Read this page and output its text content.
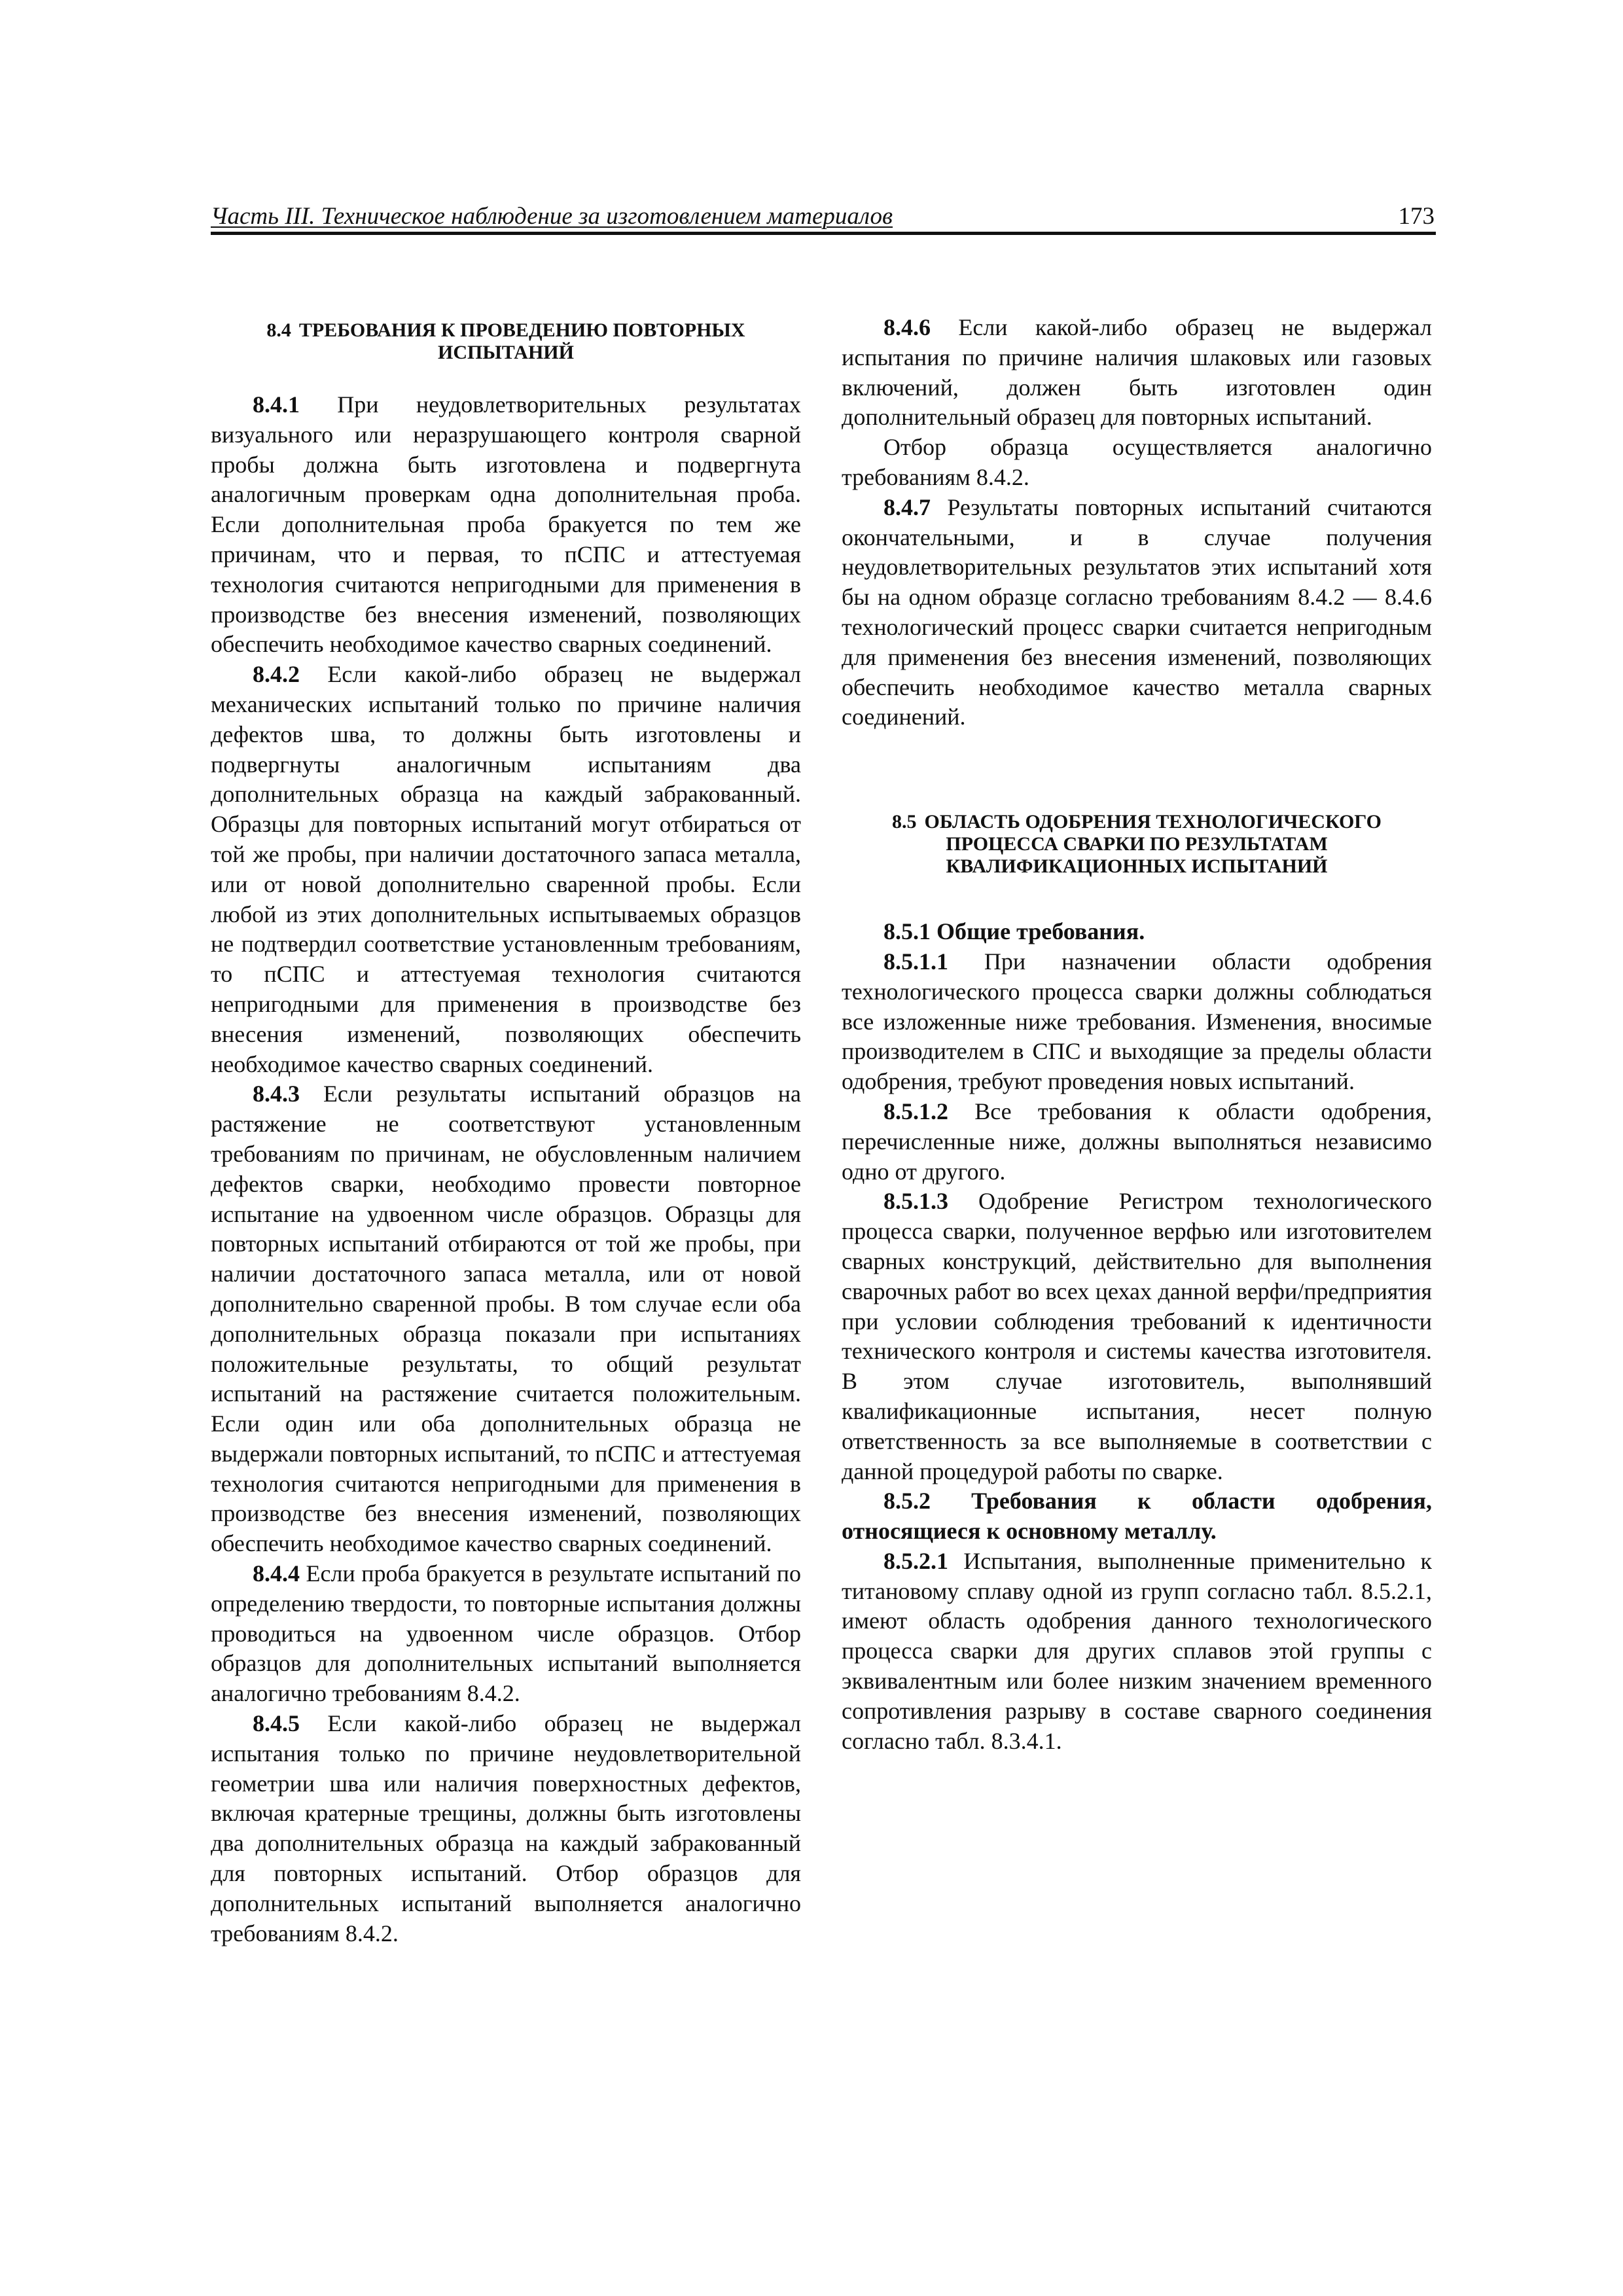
Часть III. Техническое наблюдение за изготовлением материалов	173
8.4 ТРЕБОВАНИЯ К ПРОВЕДЕНИЮ ПОВТОРНЫХ ИСПЫТАНИЙ

8.4.1 При неудовлетворительных результатах визуального или неразрушающего контроля сварной пробы должна быть изготовлена и подвергнута аналогичным проверкам одна дополнительная проба. Если дополнительная проба бракуется по тем же причинам, что и первая, то пСПС и аттестуемая технология считаются непригодными для применения в производстве без внесения изменений, позволяющих обеспечить необходимое качество сварных соединений.

8.4.2 Если какой-либо образец не выдержал механических испытаний только по причине наличия дефектов шва, то должны быть изготовлены и подвергнуты аналогичным испытаниям два дополнительных образца на каждый забракованный. Образцы для повторных испытаний могут отбираться от той же пробы, при наличии достаточного запаса металла, или от новой дополнительно сваренной пробы. Если любой из этих дополнительных испытываемых образцов не подтвердил соответствие установленным требованиям, то пСПС и аттестуемая технология считаются непригодными для применения в производстве без внесения изменений, позволяющих обеспечить необходимое качество сварных соединений.

8.4.3 Если результаты испытаний образцов на растяжение не соответствуют установленным требованиям по причинам, не обусловленным наличием дефектов сварки, необходимо провести повторное испытание на удвоенном числе образцов. Образцы для повторных испытаний отбираются от той же пробы, при наличии достаточного запаса металла, или от новой дополнительно сваренной пробы. В том случае если оба дополнительных образца показали при испытаниях положительные результаты, то общий результат испытаний на растяжение считается положительным. Если один или оба дополнительных образца не выдержали повторных испытаний, то пСПС и аттестуемая технология считаются непригодными для применения в производстве без внесения изменений, позволяющих обеспечить необходимое качество сварных соединений.

8.4.4 Если проба бракуется в результате испытаний по определению твердости, то повторные испытания должны проводиться на удвоенном числе образцов. Отбор образцов для дополнительных испытаний выполняется аналогично требованиям 8.4.2.

8.4.5 Если какой-либо образец не выдержал испытания только по причине неудовлетворительной геометрии шва или наличия поверхностных дефектов, включая кратерные трещины, должны быть изготовлены два дополнительных образца на каждый забракованный для повторных испытаний. Отбор образцов для дополнительных испытаний выполняется аналогично требованиям 8.4.2.

8.4.6 Если какой-либо образец не выдержал испытания по причине наличия шлаковых или газовых включений, должен быть изготовлен один дополнительный образец для повторных испытаний.

Отбор образца осуществляется аналогично требованиям 8.4.2.

8.4.7 Результаты повторных испытаний считаются окончательными, и в случае получения неудовлетворительных результатов этих испытаний хотя бы на одном образце согласно требованиям 8.4.2 — 8.4.6 технологический процесс сварки считается непригодным для применения без внесения изменений, позволяющих обеспечить необходимое качество металла сварных соединений.

8.5 ОБЛАСТЬ ОДОБРЕНИЯ ТЕХНОЛОГИЧЕСКОГО ПРОЦЕССА СВАРКИ ПО РЕЗУЛЬТАТАМ КВАЛИФИКАЦИОННЫХ ИСПЫТАНИЙ

8.5.1 Общие требования.

8.5.1.1 При назначении области одобрения технологического процесса сварки должны соблюдаться все изложенные ниже требования. Изменения, вносимые производителем в СПС и выходящие за пределы области одобрения, требуют проведения новых испытаний.

8.5.1.2 Все требования к области одобрения, перечисленные ниже, должны выполняться независимо одно от другого.

8.5.1.3 Одобрение Регистром технологического процесса сварки, полученное верфью или изготовителем сварных конструкций, действительно для выполнения сварочных работ во всех цехах данной верфи/предприятия при условии соблюдения требований к идентичности технического контроля и системы качества изготовителя. В этом случае изготовитель, выполнявший квалификационные испытания, несет полную ответственность за все выполняемые в соответствии с данной процедурой работы по сварке.

8.5.2 Требования к области одобрения, относящиеся к основному металлу.

8.5.2.1 Испытания, выполненные применительно к титановому сплаву одной из групп согласно табл. 8.5.2.1, имеют область одобрения данного технологического процесса сварки для других сплавов этой группы с эквивалентным или более низким значением временного сопротивления разрыву в составе сварного соединения согласно табл. 8.3.4.1.
